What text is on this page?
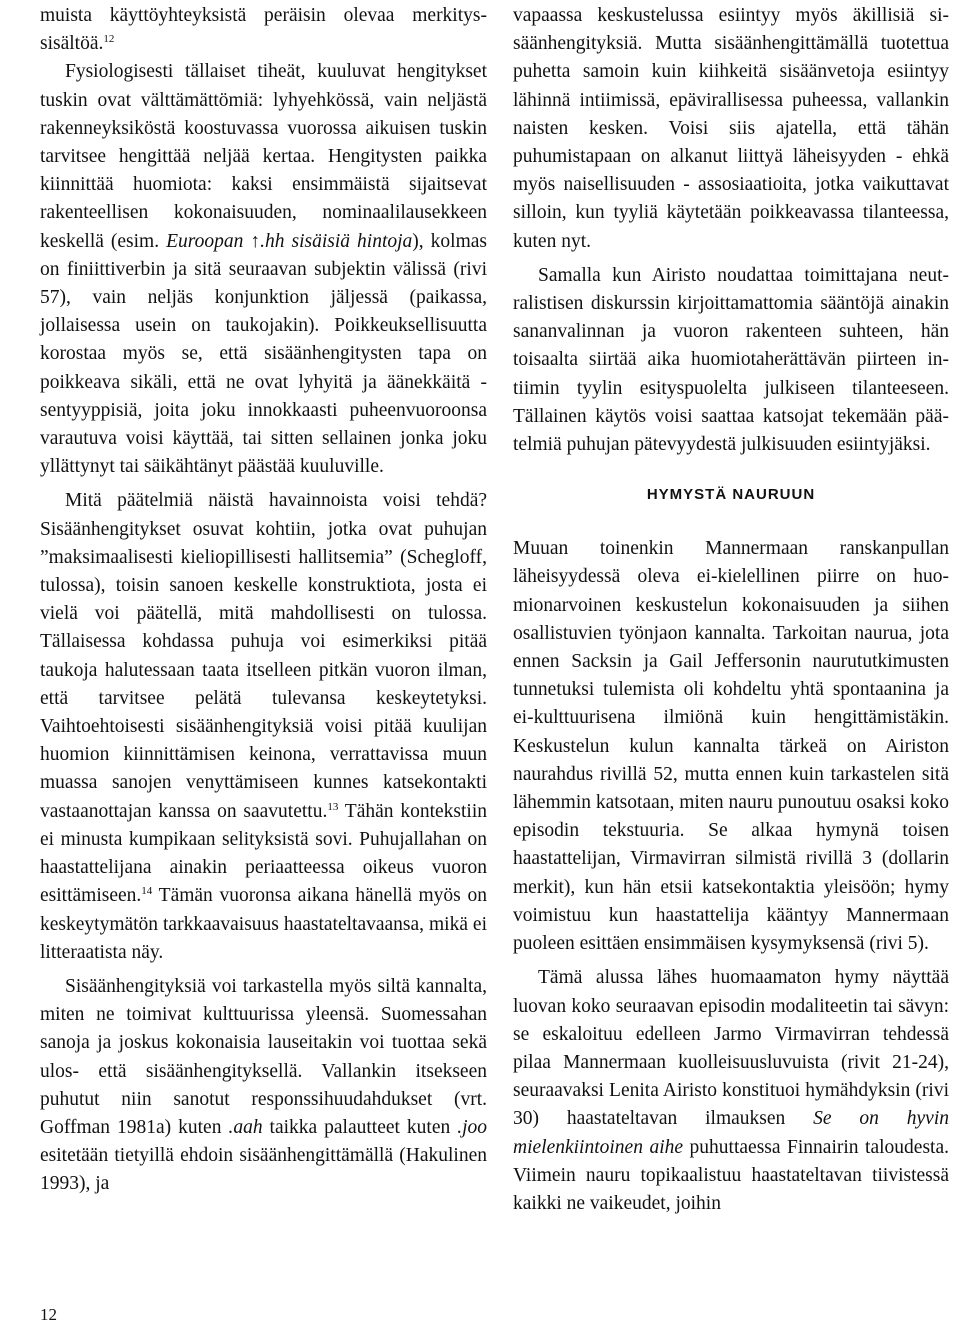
muista käyttöyhteyksistä peräisin olevaa merkityssisältöä.$^{12}$

Fysiologisesti tällaiset tiheät, kuuluvat hengitykset tuskin ovat välttämättömiä: lyhyehkössä, vain neljästä rakenneyksiköstä koostuvassa vuorossa aikuisen tuskin tarvitsee hengittää neljää kertaa. Hengitysten paikka kiinnittää huomiota: kaksi ensimmäistä sijaitsevat rakenteellisen kokonaisuuden, nominaalilausekkeen keskellä (esim. Euroopan ↑.hh sisäisiä hintoja), kolmas on finiittiverbin ja sitä seuraavan subjektin välissä (rivi 57), vain neljäs konjunktion jäljessä (paikassa, jollaisessa usein on taukojakin). Poikkeuksellisuutta korostaa myös se, että sisäänhengitysten tapa on poikkeava sikäli, että ne ovat lyhyitä ja äänekkäitä - sentyyppisiä, joita joku innokkaasti puheenvuoroonsa varautuva voisi käyttää, tai sitten sellainen jonka joku yllättynyt tai säikähtänyt päästää kuuluville.

Mitä päätelmiä näistä havainnoista voisi tehdä? Sisäänhengitykset osuvat kohtiin, jotka ovat puhujan ”maksimaalisesti kieliopillisesti hallitsemia” (Schegloff, tulossa), toisin sanoen keskelle konstruktiota, josta ei vielä voi päätellä, mitä mahdollisesti on tulossa. Tällaisessa kohdassa puhuja voi esimerkiksi pitää taukoja halutessaan taata itselleen pitkän vuoron ilman, että tarvitsee pelätä tulevansa keskeytetyksi. Vaihtoehtoisesti sisäänhengityksiä voisi pitää kuulijan huomion kiinnittämisen keinona, verrattavissa muun muassa sanojen venyttämiseen kunnes katsekontakti vastaanottajan kanssa on saavutettu.$^{13}$ Tähän kontekstiin ei minusta kumpikaan selityksistä sovi. Puhujallahan on haastattelijana ainakin periaatteessa oikeus vuoron esittämiseen.$^{14}$ Tämän vuoronsa aikana hänellä myös on keskeytymätön tarkkaavaisuus haastateltavaansa, mikä ei litteraatista näy.

Sisäänhengityksiä voi tarkastella myös siltä kannalta, miten ne toimivat kulttuurissa yleensä. Suomessahan sanoja ja joskus kokonaisia lauseitakin voi tuottaa sekä ulos- että sisäänhengityksellä. Vallankin itsekseen puhutut niin sanotut responssihuudahdukset (vrt. Goffman 1981a) kuten .aah taikka palautteet kuten .joo esitetään tietyillä ehdoin sisäänhengittämällä (Hakulinen 1993), ja

vapaassa keskustelussa esiintyy myös äkillisiä sisäänhengityksiä. Mutta sisäänhengittämällä tuotettua puhetta samoin kuin kiihkeitä sisäänvetoja esiintyy lähinnä intiimissä, epävirallisessa puheessa, vallankin naisten kesken. Voisi siis ajatella, että tähän puhumistapaan on alkanut liittyä läheisyyden - ehkä myös naisellisuuden - assosiaatioita, jotka vaikuttavat silloin, kun tyyliä käytetään poikkeavassa tilanteessa, kuten nyt.

Samalla kun Airisto noudattaa toimittajana neutralistisen diskurssin kirjoittamattomia sääntöjä ainakin sananvalinnan ja vuoron rakenteen suhteen, hän toisaalta siirtää aika huomiotaherättävän piirteen intiimin tyylin esityspuolelta julkiseen tilanteeseen. Tällainen käytös voisi saattaa katsojat tekemään päätelmiä puhujan pätevyydestä julkisuuden esiintyjäksi.

HYMYSTÄ NAURUUN

Muuan toinenkin Mannermaan ranskanpullan läheisyydessä oleva ei-kielellinen piirre on huomionarvoinen keskustelun kokonaisuuden ja siihen osallistuvien työnjaon kannalta. Tarkoitan naurua, jota ennen Sacksin ja Gail Jeffersonin naurututkimusten tunnetuksi tulemista oli kohdeltu yhtä spontaanina ja ei-kulttuurisena ilmiönä kuin hengittämistäkin. Keskustelun kulun kannalta tärkeä on Airiston naurahdus rivillä 52, mutta ennen kuin tarkastelen sitä lähemmin katsotaan, miten nauru punoutuu osaksi koko episodin tekstuuria. Se alkaa hymynä toisen haastattelijan, Virmavirran silmistä rivillä 3 (dollarin merkit), kun hän etsii katsekontaktia yleisöön; hymy voimistuu kun haastattelija kääntyy Mannermaan puoleen esittäen ensimmäisen kysymyksensä (rivi 5).

Tämä alussa lähes huomaamaton hymy näyttää luovan koko seuraavan episodin modaliteetin tai sävyn: se eskaloituu edelleen Jarmo Virmavirran tehdessä pilaa Mannermaan kuolleisuusluvuista (rivit 21-24), seuraavaksi Lenita Airisto konstituoi hymähdyksin (rivi 30) haastateltavan ilmauksen Se on hyvin mielenkiintoinen aihe puhuttaessa Finnairin taloudesta. Viimein nauru topikaalistuu haastateltavan tiivistessä kaikki ne vaikeudet, joihin

12
